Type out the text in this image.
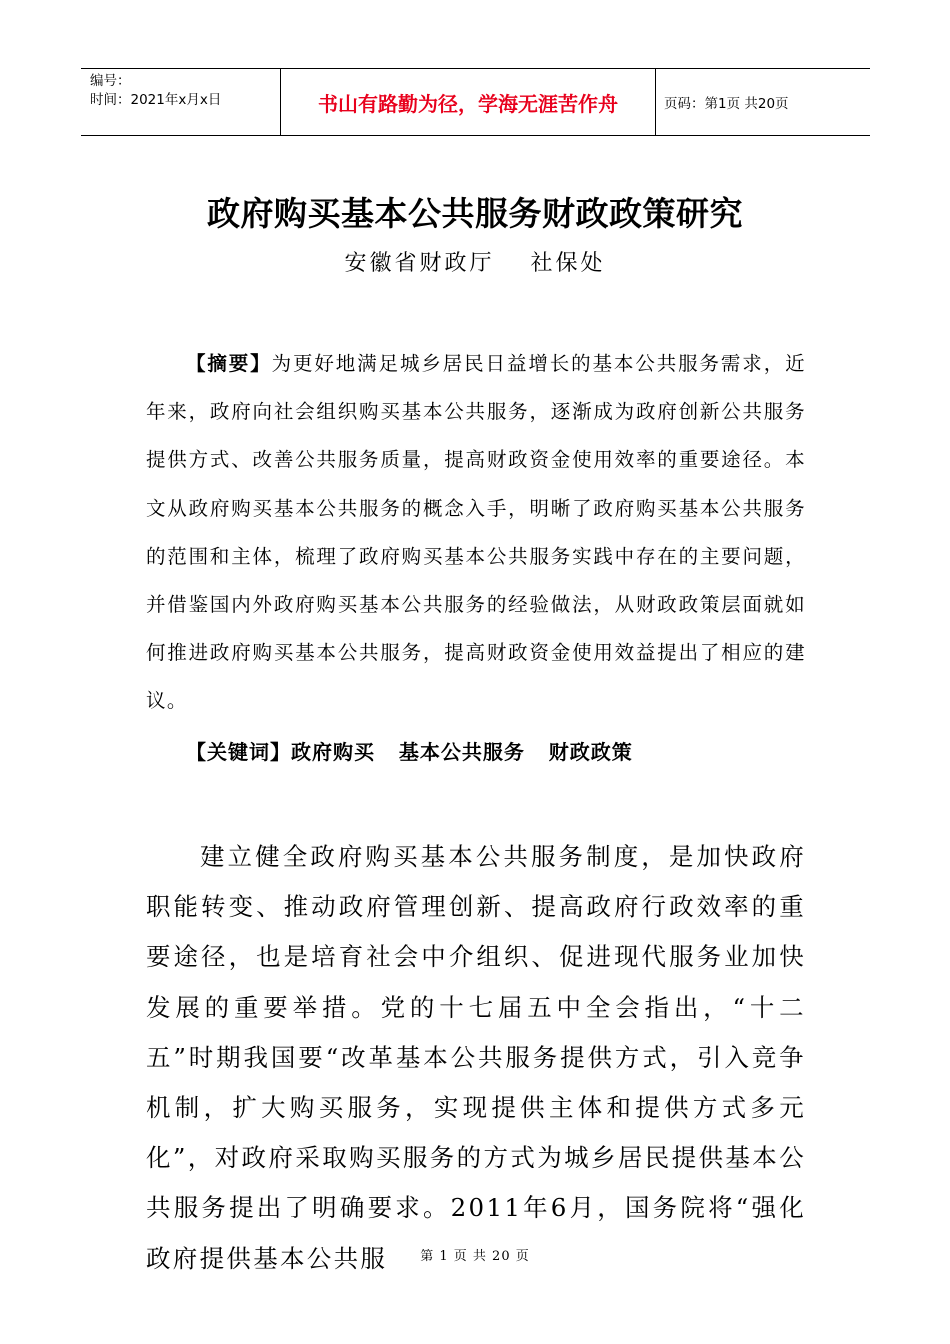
编号：
时间：2021年x月x日	书山有路勤为径，学海无涯苦作舟	页码：第1页 共20页
政府购买基本公共服务财政政策研究
安徽省财政厅 社保处
【摘要】为更好地满足城乡居民日益增长的基本公共服务需求，近年来，政府向社会组织购买基本公共服务，逐渐成为政府创新公共服务提供方式、改善公共服务质量，提高财政资金使用效率的重要途径。本文从政府购买基本公共服务的概念入手，明晰了政府购买基本公共服务的范围和主体，梳理了政府购买基本公共服务实践中存在的主要问题，并借鉴国内外政府购买基本公共服务的经验做法，从财政政策层面就如何推进政府购买基本公共服务，提高财政资金使用效益提出了相应的建议。
【关键词】政府购买   基本公共服务   财政政策
建立健全政府购买基本公共服务制度，是加快政府职能转变、推动政府管理创新、提高政府行政效率的重要途径，也是培育社会中介组织、促进现代服务业加快发展的重要举措。党的十七届五中全会指出，“十二五”时期我国要“改革基本公共服务提供方式，引入竞争机制，扩大购买服务，实现提供主体和提供方式多元化”，对政府采取购买服务的方式为城乡居民提供基本公共服务提出了明确要求。2011年6月，国务院将“强化政府提供基本公共服	第 1 页 共 20 页
